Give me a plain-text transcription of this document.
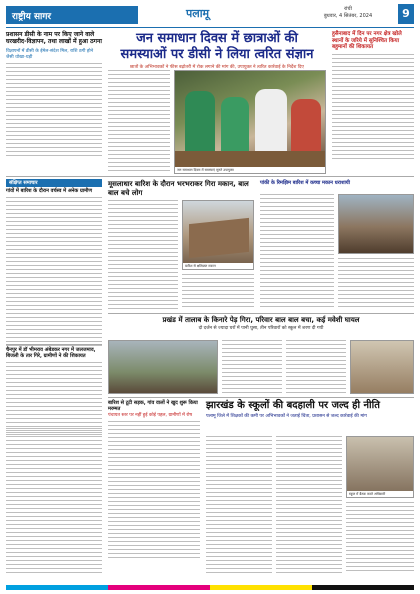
राष्ट्रीय सागर	पलामू	रांची
बुधवार, 4 सितंबर, 2024	9
प्रशासन डीसी के नाम पर किए जाने वाले घरखरीद-विज्ञापन, तथा लाखों में हुआ ठगना
विज्ञापनों में डीसी के ईमेल-संदेश मिल, राशि ठगी होने जैसी धोखा-धड़ी
जन समाधान दिवस में छात्राओं की
समस्याओं पर डीसी ने लिया त्वरित संज्ञान
छात्रों के अभिभावकों ने फीस बढ़ोतरी में रोक लगाने की मांग की, उपायुक्त ने त्वरित कार्रवाई के निर्देश दिए
जन समाधान दिवस में समस्याएं सुनते उपायुक्त
हुसैनाबाद में दिन पर नगर क्षेत्र खोले स्थानों के जरिये में सुनिश्चित किया बहुमानों की शिकायत
संक्षिप्त समाचार
गांवों में बारिश के दौरान वर्चस्व में अनेक ग्रामीण
मूसलाधार बारिश के दौरान भरभराकर गिरा मकान, बाल बाल बचे लोग
बारिश से क्षतिग्रस्त मकान
पांकी के रिमझिम बारिश में कच्चा मकान धराशायी
प्रखंड में तालाब के किनारे पेड़ गिरा, परिवार बाल बाल बचा, कई मवेशी घायल
दो दर्जन से ज्यादा घरों में पानी घुसा, तीन परिवारों को स्कूल में शरण दी गयी
चैनपुर में डॉ भीमराव अंबेडकर नगर में जलजमाव, बिजली के तार गिरे, ग्रामीणों ने की शिकायत
बारिश से टूटी सड़क, गांव वालों ने खुद शुरू किया मरम्मत
पंचायत स्तर पर नहीं हुई कोई पहल, ग्रामीणों में रोष
झारखंड के स्कूलों की बदहाली पर जल्द ही नीति
पलामू जिले में शिक्षकों की कमी पर अभिभावकों ने जताई चिंता, प्रशासन से जल्द कार्रवाई की मांग
स्कूल में बैठक करते अधिकारी
